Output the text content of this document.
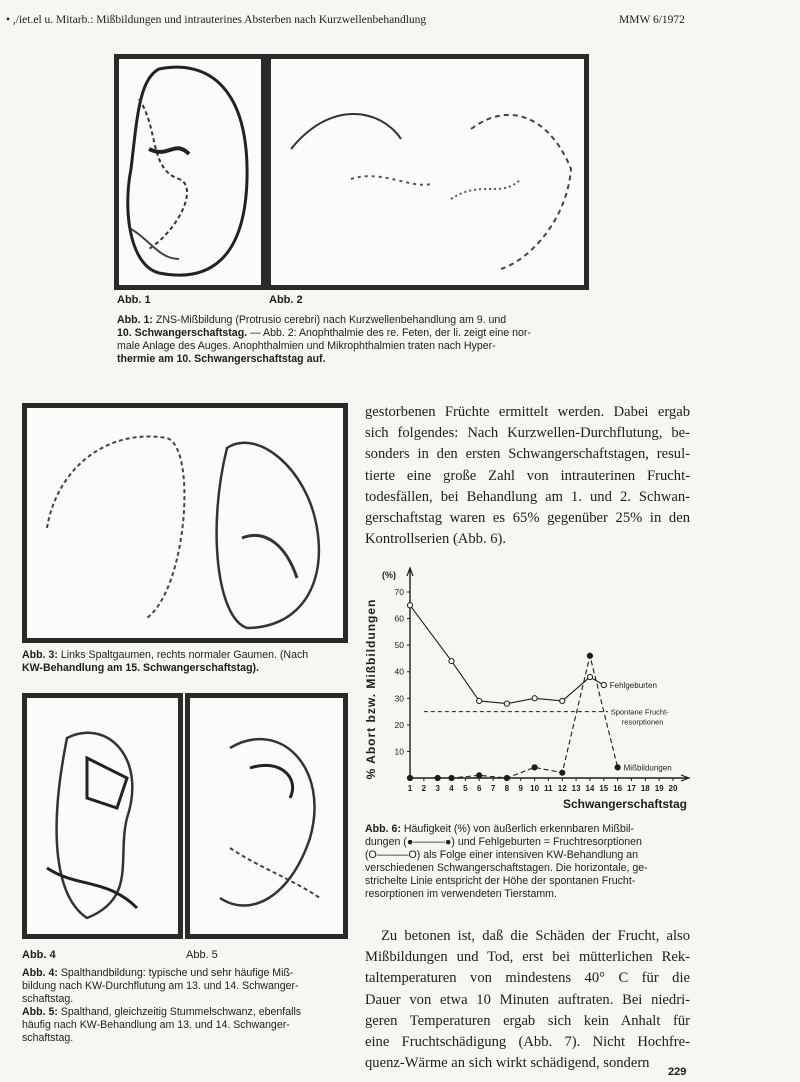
• ,/iet.el u. Mitarb.: Mißbildungen und intrauterines Absterben nach Kurzwellenbehandlung	MMW 6/1972
Abb. 1	Abb. 2
Abb. 1: ZNS-Mißbildung (Protrusio cerebri) nach Kurzwellenbehandlung am 9. und
10. Schwangerschaftstag. — Abb. 2: Anophthalmie des re. Feten, der li. zeigt eine nor-
male Anlage des Auges. Anophthalmien und Mikrophthalmien traten nach Hyper-
thermie am 10. Schwangerschaftstag auf.
Abb. 3: Links Spaltgaumen, rechts normaler Gaumen. (Nach
KW-Behandlung am 15. Schwangerschaftstag).
Abb. 4	Abb. 5
Abb. 4: Spalthandbildung: typische und sehr häufige Miß-
bildung nach KW-Durchflutung am 13. und 14. Schwanger-
schaftstag.
Abb. 5: Spalthand, gleichzeitig Stummelschwanz, ebenfalls
häufig nach KW-Behandlung am 13. und 14. Schwanger-
schaftstag.
gestorbenen Früchte ermittelt werden. Dabei ergab
sich folgendes: Nach Kurzwellen-Durchflutung, be-
sonders in den ersten Schwangerschaftstagen, resul-
tierte eine große Zahl von intrauterinen Frucht-
todesfällen, bei Behandlung am 1. und 2. Schwan-
gerschaftstag waren es 65% gegenüber 25% in den
Kontrollserien (Abb. 6).
10
20
30
40
50
60
70
1 2 3 4 5 6 7 8 9 10 11 12 13 14 15 16 17 18 19 20
(%)
% Abort bzw. Mißbildungen
Schwangerschaftstag
Spontane Frucht-
resorptionen
Fehlgeburten
Mißbildungen
Abb. 6: Häufigkeit (%) von äußerlich erkennbaren Mißbil-
dungen (●———●) und Fehlgeburten = Fruchtresorptionen
(O———O) als Folge einer intensiven KW-Behandlung an
verschiedenen Schwangerschaftstagen. Die horizontale, ge-
strichelte Linie entspricht der Höhe der spontanen Frucht-
resorptionen im verwendeten Tierstamm.
Zu betonen ist, daß die Schäden der Frucht, also
Mißbildungen und Tod, erst bei mütterlichen Rek-
taltemperaturen von mindestens 40° C für die
Dauer von etwa 10 Minuten auftraten. Bei niedri-
geren Temperaturen ergab sich kein Anhalt für
eine Fruchtschädigung (Abb. 7). Nicht Hochfre-
quenz-Wärme an sich wirkt schädigend, sondern
229
